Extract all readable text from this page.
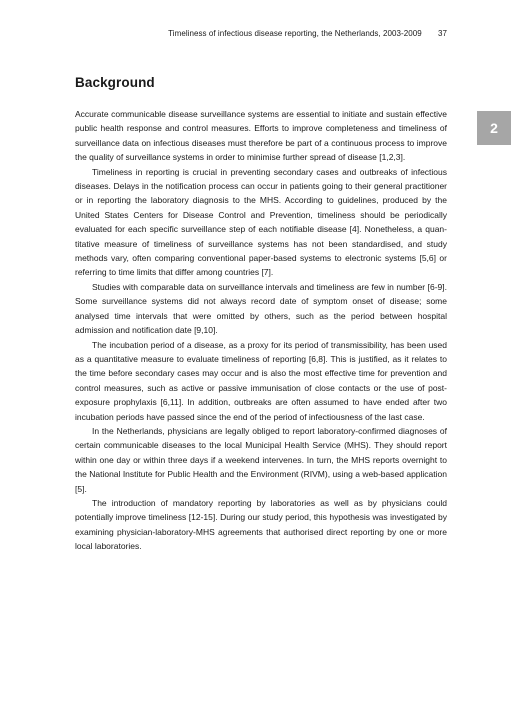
Timeliness of infectious disease reporting, the Netherlands, 2003-2009 37
2
Background

Accurate communicable disease surveillance systems are essential to initiate and sustain effective public health response and control measures. Efforts to improve completeness and timeliness of surveillance data on infectious diseases must therefore be part of a continuous process to improve the quality of surveillance systems in order to minimise further spread of disease [1,2,3].

Timeliness in reporting is crucial in preventing secondary cases and outbreaks of infectious diseases. Delays in the notification process can occur in patients going to their general practitioner or in reporting the laboratory diagnosis to the MHS. According to guidelines, produced by the United States Centers for Disease Control and Prevention, timeliness should be periodically evaluated for each specific surveillance step of each notifiable disease [4]. Nonetheless, a quantitative measure of timeliness of surveillance systems has not been standardised, and study methods vary, often comparing conventional paper-based systems to electronic systems [5,6] or referring to time limits that differ among countries [7].

Studies with comparable data on surveillance intervals and timeliness are few in number [6-9]. Some surveillance systems did not always record date of symptom onset of disease; some analysed time intervals that were omitted by others, such as the period between hospital admission and notification date [9,10].

The incubation period of a disease, as a proxy for its period of transmissibility, has been used as a quantitative measure to evaluate timeliness of reporting [6,8]. This is justified, as it relates to the time before secondary cases may occur and is also the most effective time for prevention and control measures, such as active or passive immunisation of close contacts or the use of post-exposure prophylaxis [6,11]. In addition, outbreaks are often assumed to have ended after two incubation periods have passed since the end of the period of infectiousness of the last case.

In the Netherlands, physicians are legally obliged to report laboratory-confirmed diagnoses of certain communicable diseases to the local Municipal Health Service (MHS). They should report within one day or within three days if a weekend intervenes. In turn, the MHS reports overnight to the National Institute for Public Health and the Environment (RIVM), using a web-based application [5].

The introduction of mandatory reporting by laboratories as well as by physicians could potentially improve timeliness [12-15]. During our study period, this hypothesis was investigated by examining physician-laboratory-MHS agreements that authorised direct reporting by one or more local laboratories.
